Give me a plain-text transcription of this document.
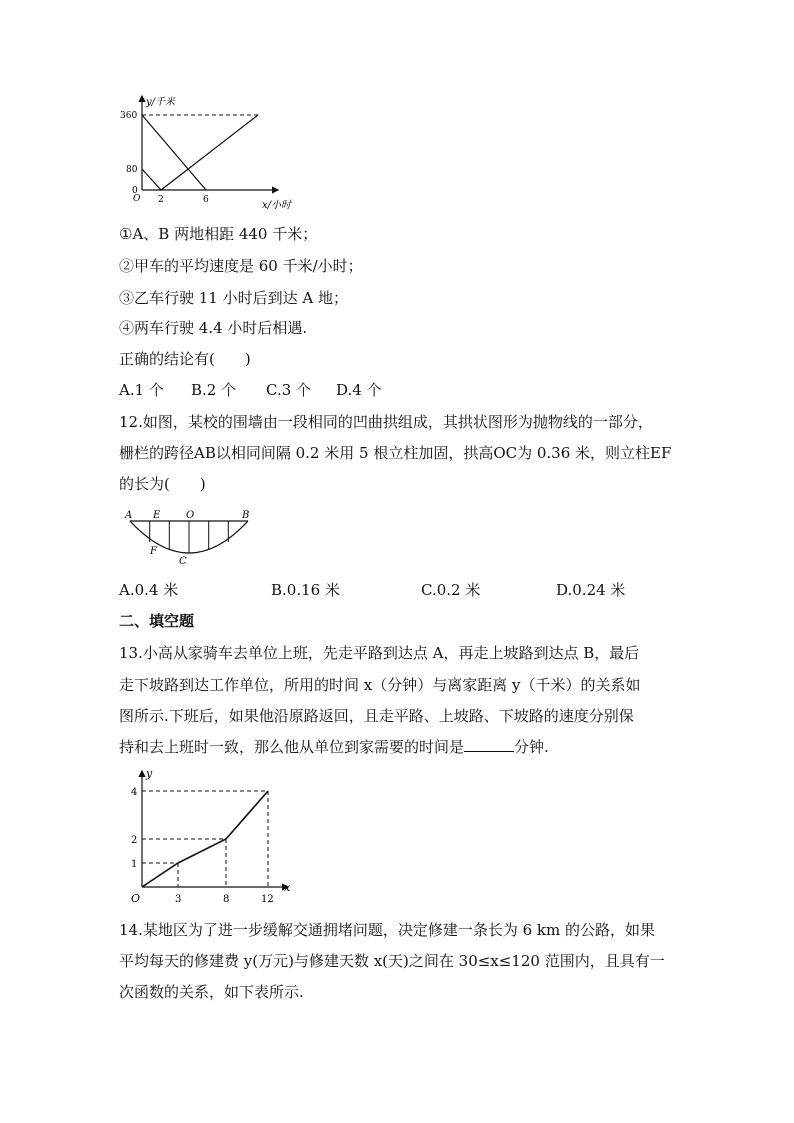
y/千米
360
80
0
O 2	6	x/小时
①A、B 两地相距 440 千米；
②甲车的平均速度是 60 千米/小时；
③乙车行驶 11 小时后到达 A 地；
④两车行驶 4.4 小时后相遇.
正确的结论有(　　)
A.1 个 B.2 个 C.3 个 D.4 个
12.如图，某校的围墙由一段相同的凹曲拱组成，其拱状图形为抛物线的一部分，
栅栏的跨径AB以相同间隔 0.2 米用 5 根立柱加固，拱高OC为 0.36 米，则立柱EF
的长为(　　)
A E	O	B
F
C
A.0.4 米	B.0.16 米	C.0.2 米	D.0.24 米
二、填空题
13.小高从家骑车去单位上班，先走平路到达点 A，再走上坡路到达点 B，最后
走下坡路到达工作单位，所用的时间 x（分钟）与离家距离 y（千米）的关系如
图所示.下班后，如果他沿原路返回，且走平路、上坡路、下坡路的速度分别保
持和去上班时一致，那么他从单位到家需要的时间是	分钟.
y
x
O
4
2
1
3	8	12
14.某地区为了进一步缓解交通拥堵问题，决定修建一条长为 6 km 的公路，如果
平均每天的修建费 y(万元)与修建天数 x(天)之间在 30≤x≤120 范围内，且具有一
次函数的关系，如下表所示.
